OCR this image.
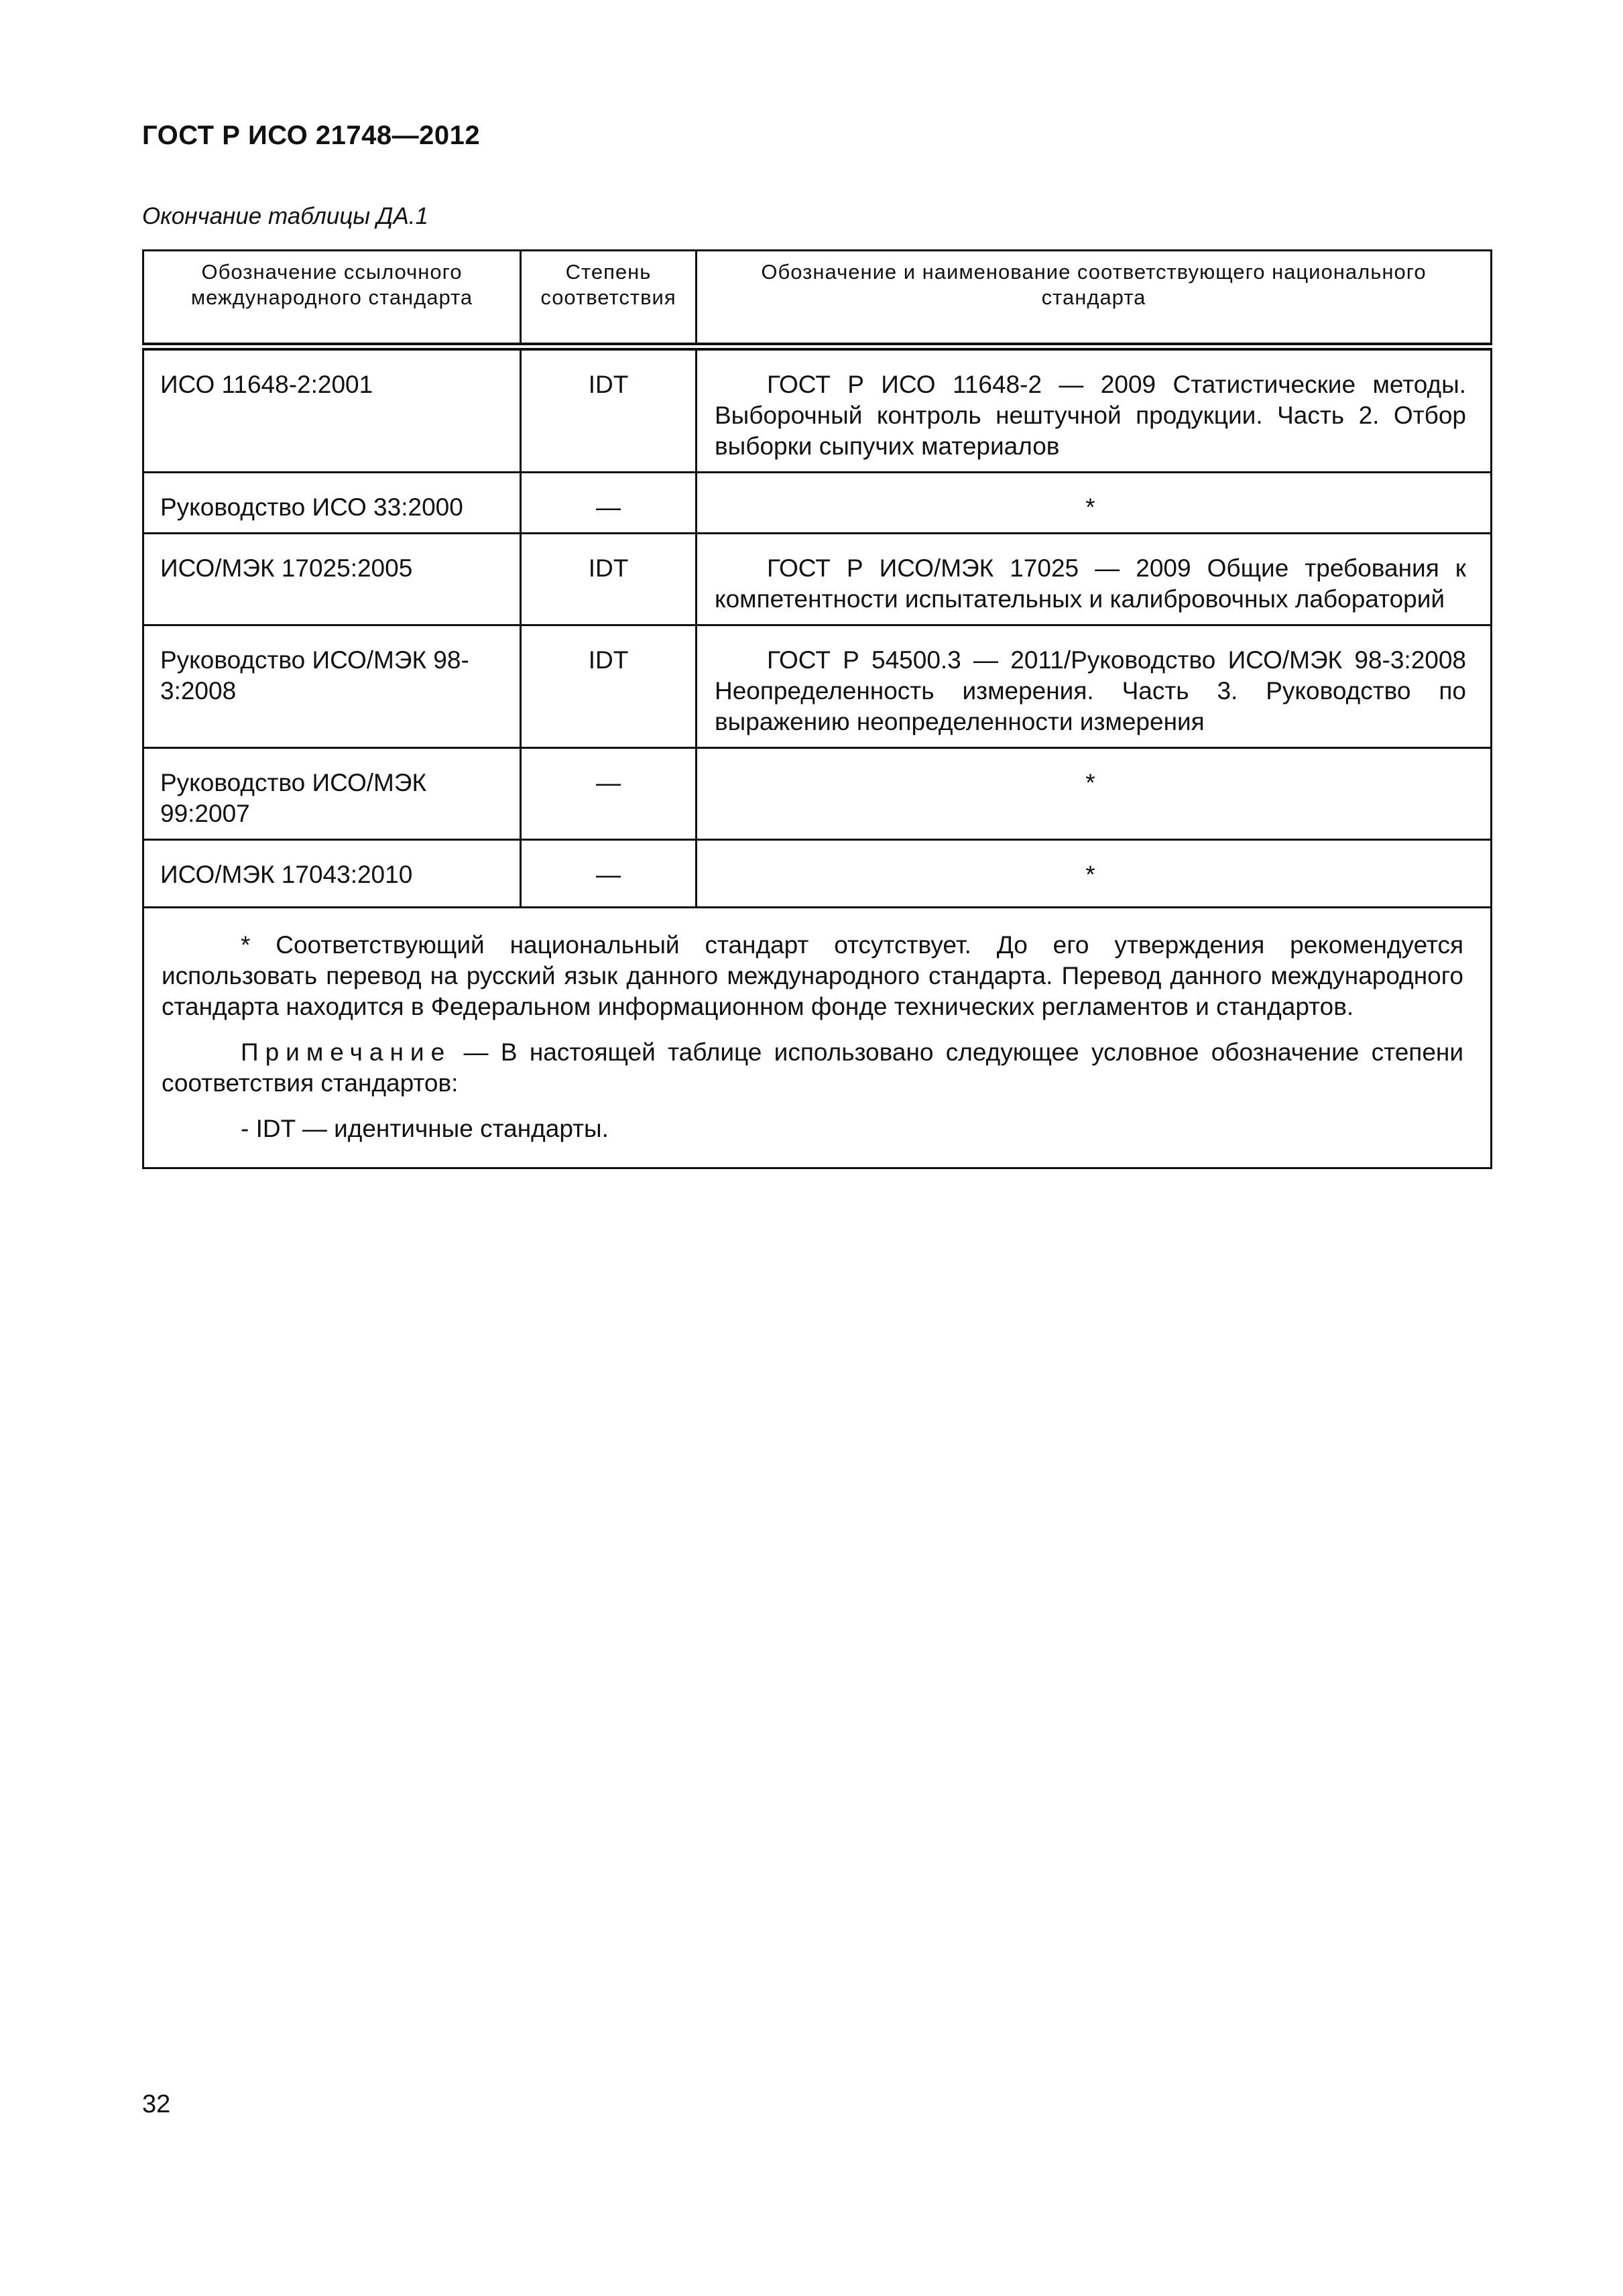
ГОСТ Р ИСО 21748—2012
Окончание таблицы ДА.1
Обозначение ссылочного международного стандарта	Степень соответствия	Обозначение и наименование соответствующего национального стандарта
ИСО 11648-2:2001	IDT	ГОСТ Р ИСО 11648-2 — 2009 Статистические методы. Выборочный контроль нештучной продукции. Часть 2. Отбор выборки сыпучих материалов

Руководство ИСО 33:2000	—	*
ИСО/МЭК 17025:2005	IDT	ГОСТ Р ИСО/МЭК 17025 — 2009 Общие требования к компетентности испытательных и калибровочных лабораторий

Руководство ИСО/МЭК 98-3:2008	IDT	ГОСТ Р 54500.3 — 2011/Руководство ИСО/МЭК 98-3:2008 Неопределенность измерения. Часть 3. Руководство по выражению неопределенности измерения

Руководство ИСО/МЭК 99:2007	—	*
ИСО/МЭК 17043:2010	—	*

* Соответствующий национальный стандарт отсутствует. До его утверждения рекомендуется использовать перевод на русский язык данного международного стандарта. Перевод данного международного стандарта находится в Федеральном информационном фонде технических регламентов и стандартов.

Примечание — В настоящей таблице использовано следующее условное обозначение степени соответствия стандартов:

- IDT — идентичные стандарты.		

32
